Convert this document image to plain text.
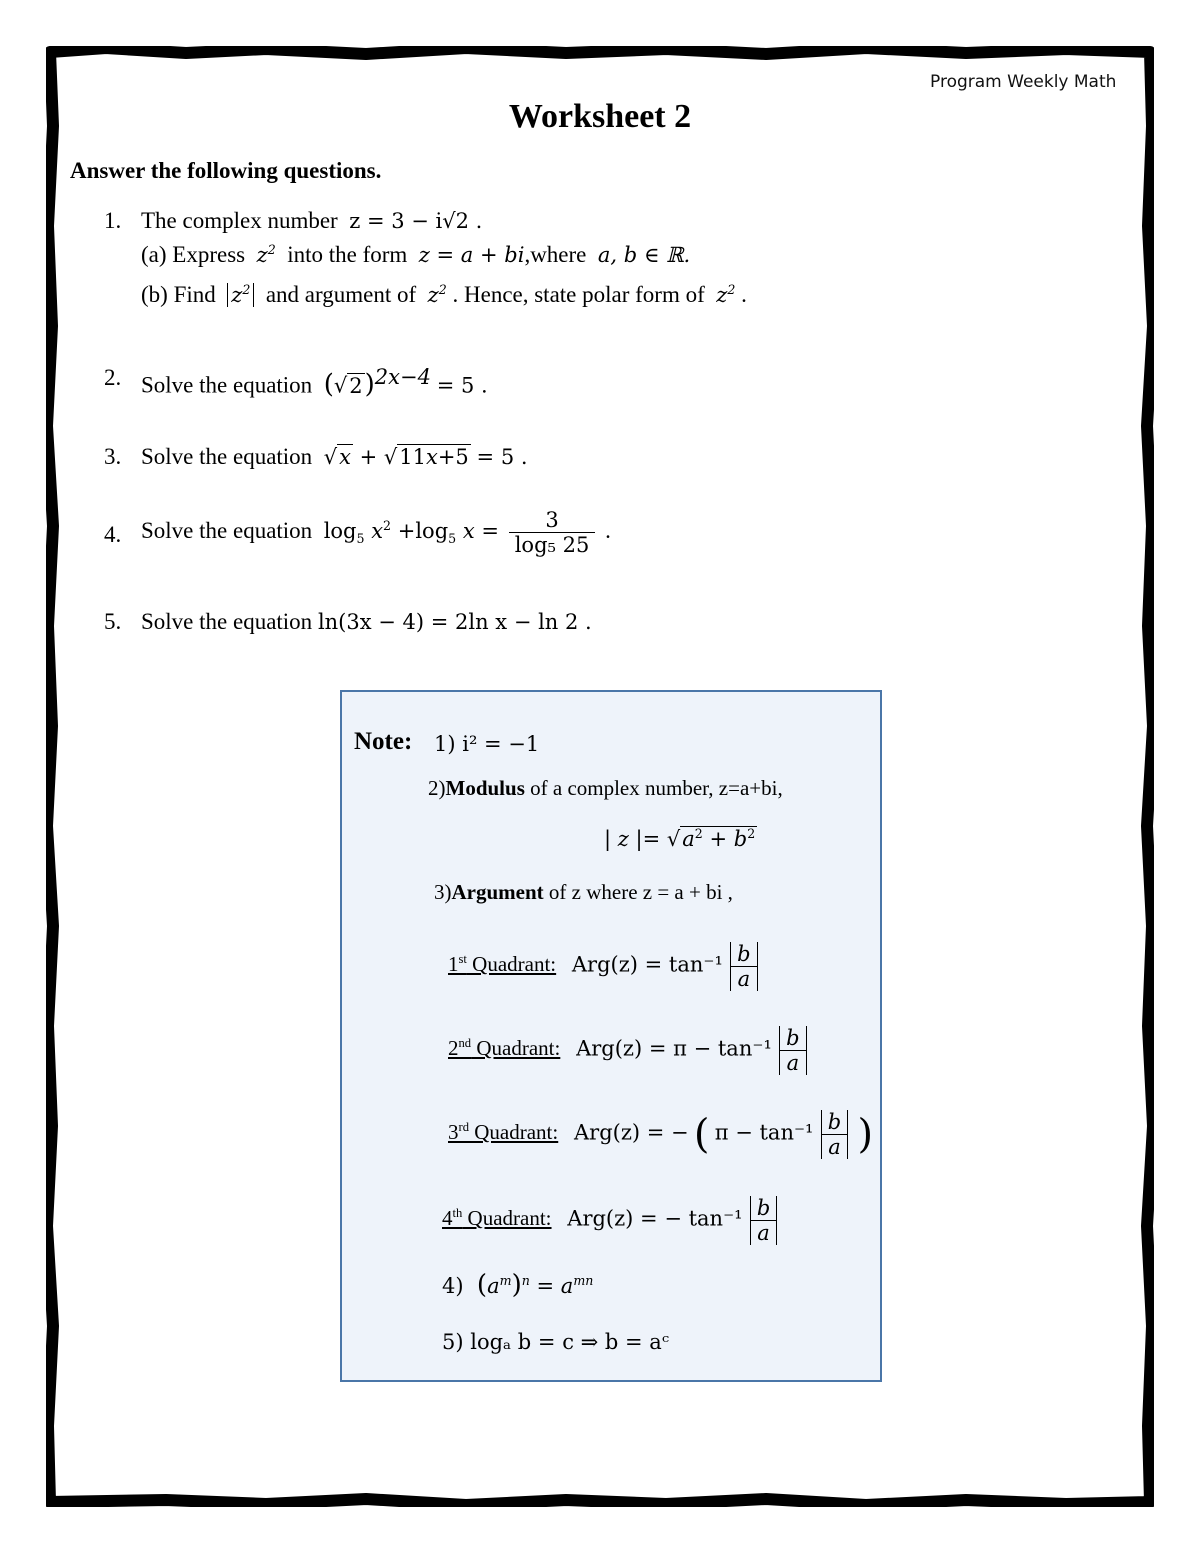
Program Weekly Math
Worksheet 2
Answer the following questions.
1. The complex number z = 3 − i√2 .
(a) Express $z^2$ into the form z = a + bi,where a, b ∈ ℝ.
(b) Find $z^2$ and argument of $z^2$ . Hence, state polar form of $z^2$ .
2. Solve the equation $(√2)^{2x-4} = 5$ .
3. Solve the equation √x + √11x+5 = 5 .
4. Solve the equation $\log_5 x^2 +\log_5$ $x = \frac{3}{\text{log₅ 25}}$ .
5. Solve the equation ln(3x − 4) = 2ln x − ln 2 .
Note: 1) i² = −1
2)Modulus of a complex number, z=a+bi,
| z |= $√a^2 + b^2$
3)Argument of z where z = a + bi ,
1st Quadrant: $Arg(z) = \tan^{-1} \frac{b}{a}$
2nd Quadrant: $Arg(z) = \pi - \tan^{-1} \frac{b}{a}$
3rd Quadrant: Arg(z) = − ( $\pi - \tan^{-1} \frac{b}{a}$ )
4th Quadrant: Arg(z) = − $\tan^{-1} \frac{b}{a}$
4) $(a^m)^n = a^{mn}$
5) logₐ b = c ⇒ b = aᶜ
